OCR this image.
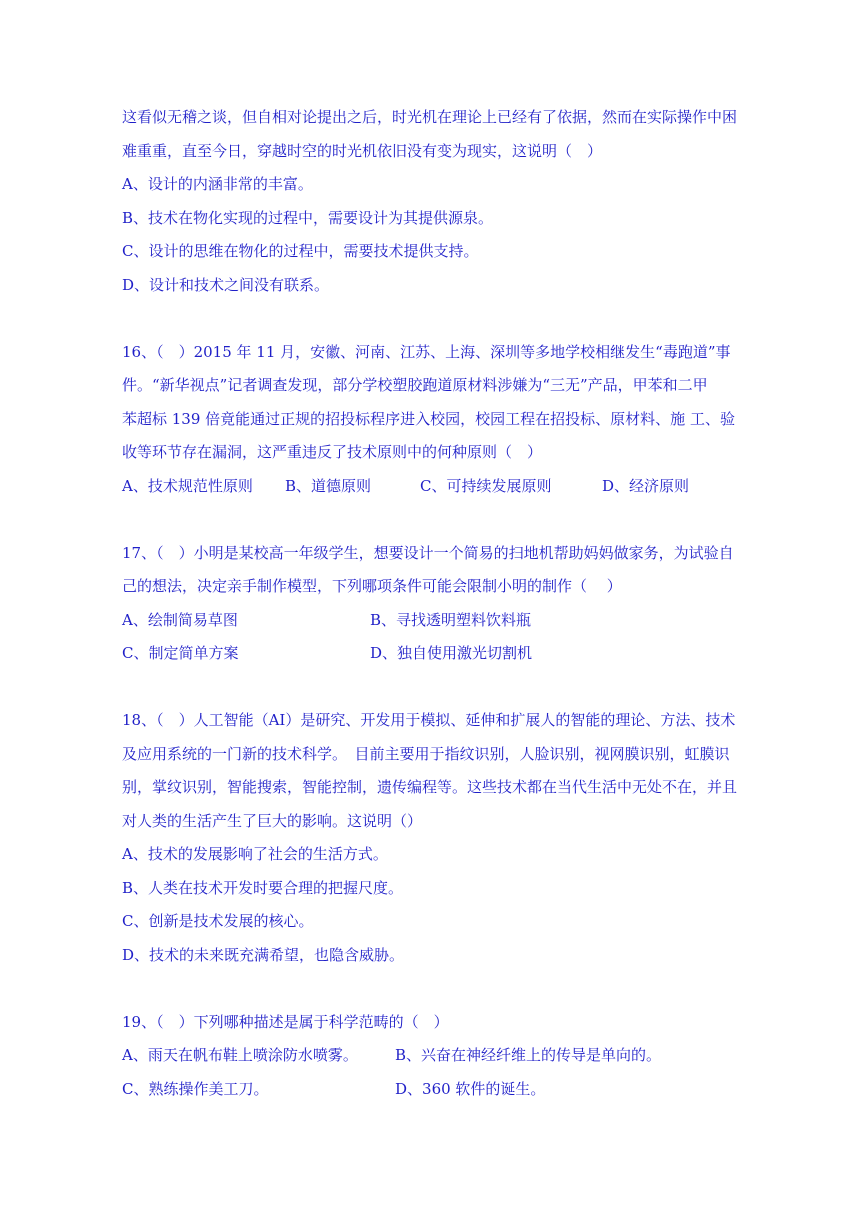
这看似无稽之谈，但自相对论提出之后，时光机在理论上已经有了依据，然而在实际操作中困

难重重，直至今日，穿越时空的时光机依旧没有变为现实，这说明（　）

A、设计的内涵非常的丰富。

B、技术在物化实现的过程中，需要设计为其提供源泉。

C、设计的思维在物化的过程中，需要技术提供支持。

D、设计和技术之间没有联系。

16、（　）2015 年 11 月，安徽、河南、江苏、上海、深圳等多地学校相继发生“毒跑道”事

件。“新华视点”记者调查发现，部分学校塑胶跑道原材料涉嫌为“三无”产品，甲苯和二甲

苯超标 139 倍竟能通过正规的招投标程序进入校园，校园工程在招投标、原材料、施 工、验

收等环节存在漏洞，这严重违反了技术原则中的何种原则（　）

A、技术规范性原则	B、道德原则	C、可持续发展原则	D、经济原则

17、（　）小明是某校高一年级学生，想要设计一个简易的扫地机帮助妈妈做家务，为试验自

己的想法，决定亲手制作模型，下列哪项条件可能会限制小明的制作（　 ）

A、绘制简易草图	B、寻找透明塑料饮料瓶
C、制定简单方案	D、独自使用激光切割机

18、（　）人工智能（AI）是研究、开发用于模拟、延伸和扩展人的智能的理论、方法、技术

及应用系统的一门新的技术科学。　目前主要用于指纹识别，人脸识别，视网膜识别，虹膜识

别，掌纹识别，智能搜索，智能控制，遗传编程等。这些技术都在当代生活中无处不在，并且

对人类的生活产生了巨大的影响。这说明（）

A、技术的发展影响了社会的生活方式。

B、人类在技术开发时要合理的把握尺度。

C、创新是技术发展的核心。

D、技术的未来既充满希望，也隐含威胁。

19、（　）下列哪种描述是属于科学范畴的（　）

A、雨天在帆布鞋上喷涂防水喷雾。	B、兴奋在神经纤维上的传导是单向的。
C、熟练操作美工刀。	D、360 软件的诞生。
